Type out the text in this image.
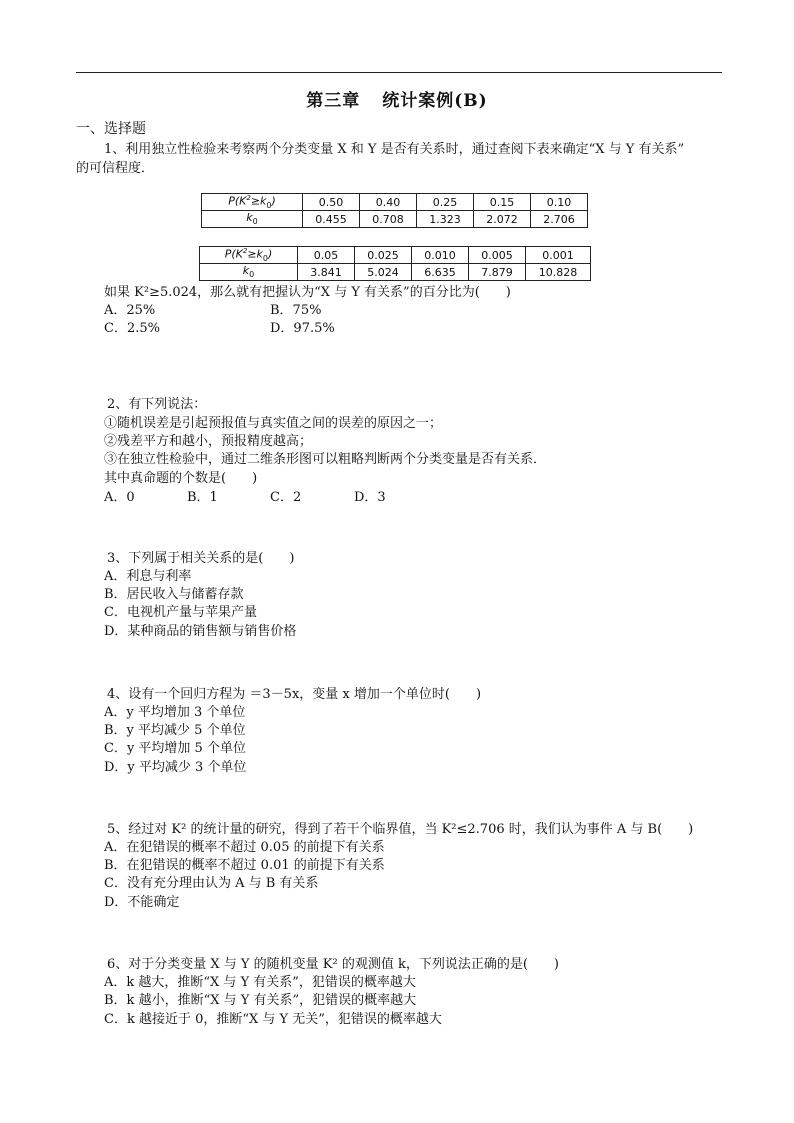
第三章 统计案例(B)
一、选择题
1、利用独立性检验来考察两个分类变量 X 和 Y 是否有关系时，通过查阅下表来确定“X 与 Y 有关系”
的可信程度．
$P(K^2\ge k_0)$	0.50	0.40	0.25	0.15	0.10
$k_0$	0.455	0.708	1.323	2.072	2.706
$P(K^2\ge k_0)$	0.05	0.025	0.010	0.005	0.001
$k_0$	3.841	5.024	6.635	7.879	10.828
如果 K²≥5.024，那么就有把握认为“X 与 Y 有关系”的百分比为(　　)
A．25%	B．75%
C．2.5%	D．97.5%
2、有下列说法：
①随机误差是引起预报值与真实值之间的误差的原因之一；
②残差平方和越小，预报精度越高；
③在独立性检验中，通过二维条形图可以粗略判断两个分类变量是否有关系．
其中真命题的个数是(　　)
A．0	B．1	C．2	D．3
3、下列属于相关关系的是(　　)
A．利息与利率
B．居民收入与储蓄存款
C．电视机产量与苹果产量
D．某种商品的销售额与销售价格
4、设有一个回归方程为 ＝3－5x，变量 x 增加一个单位时(　　)
A．y 平均增加 3 个单位
B．y 平均减少 5 个单位
C．y 平均增加 5 个单位
D．y 平均减少 3 个单位
5、经过对 K² 的统计量的研究，得到了若干个临界值，当 K²≤2.706 时，我们认为事件 A 与 B(　　)
A．在犯错误的概率不超过 0.05 的前提下有关系
B．在犯错误的概率不超过 0.01 的前提下有关系
C．没有充分理由认为 A 与 B 有关系
D．不能确定
6、对于分类变量 X 与 Y 的随机变量 K² 的观测值 k，下列说法正确的是(　　)
A．k 越大，推断“X 与 Y 有关系”，犯错误的概率越大
B．k 越小，推断“X 与 Y 有关系”，犯错误的概率越大
C．k 越接近于 0，推断“X 与 Y 无关”，犯错误的概率越大
